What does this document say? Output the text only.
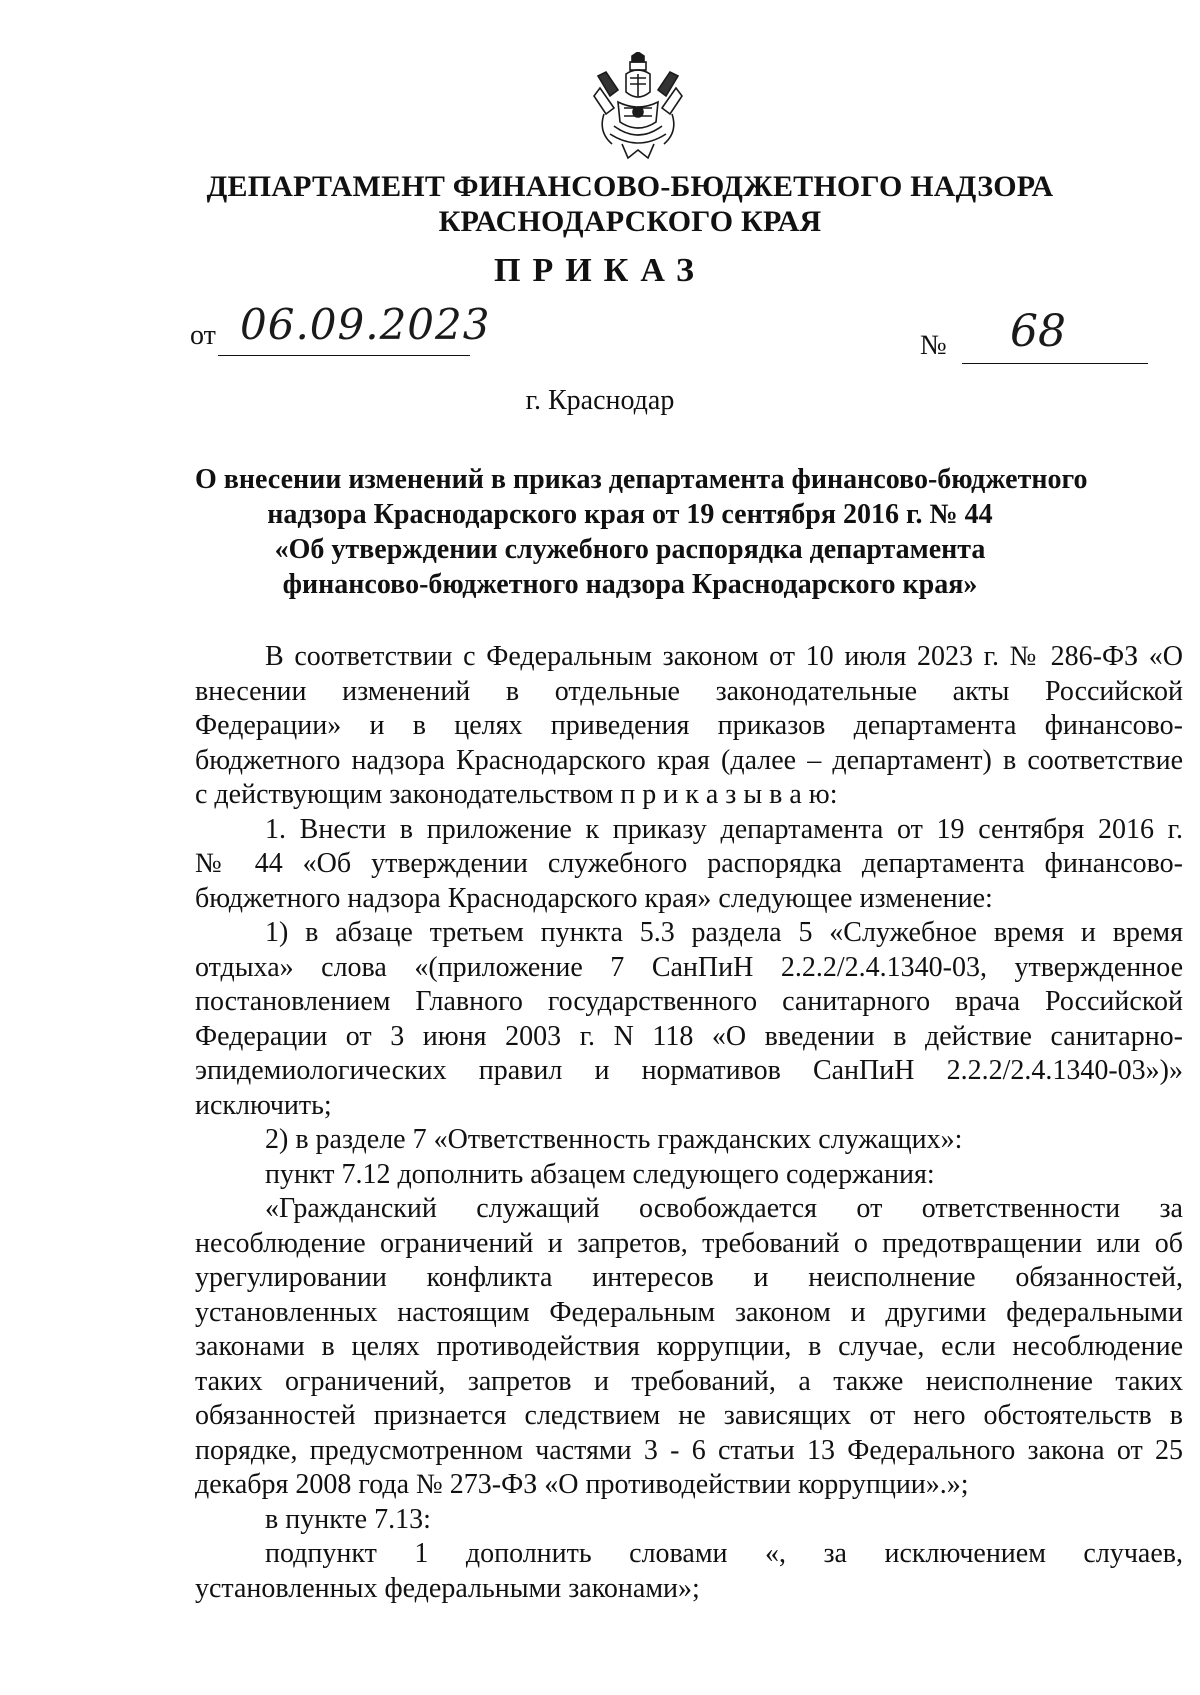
ДЕПАРТАМЕНТ ФИНАНСОВО-БЮДЖЕТНОГО НАДЗОРА
КРАСНОДАРСКОГО КРАЯ
ПРИКАЗ
от 06.09.2023	№ 68
г. Краснодар
О внесении изменений в приказ департамента финансово-бюджетного
надзора Краснодарского края от 19 сентября 2016 г. № 44
«Об утверждении служебного распорядка департамента
финансово-бюджетного надзора Краснодарского края»
В соответствии с Федеральным законом от 10 июля 2023 г. № 286-ФЗ «О
внесении изменений в отдельные законодательные акты Российской
Федерации» и в целях приведения приказов департамента финансово-
бюджетного надзора Краснодарского края (далее – департамент) в соответствие
с действующим законодательством п р и к а з ы в а ю:
1. Внести в приложение к приказу департамента от 19 сентября 2016 г.
№ 44 «Об утверждении служебного распорядка департамента финансово-
бюджетного надзора Краснодарского края» следующее изменение:
1) в абзаце третьем пункта 5.3 раздела 5 «Служебное время и время
отдыха» слова «(приложение 7 СанПиН 2.2.2/2.4.1340-03, утвержденное
постановлением Главного государственного санитарного врача Российской
Федерации от 3 июня 2003 г. N 118 «О введении в действие санитарно-
эпидемиологических правил и нормативов СанПиН 2.2.2/2.4.1340-03»)»
исключить;
2) в разделе 7 «Ответственность гражданских служащих»:
пункт 7.12 дополнить абзацем следующего содержания:
«Гражданский служащий освобождается от ответственности за
несоблюдение ограничений и запретов, требований о предотвращении или об
урегулировании конфликта интересов и неисполнение обязанностей,
установленных настоящим Федеральным законом и другими федеральными
законами в целях противодействия коррупции, в случае, если несоблюдение
таких ограничений, запретов и требований, а также неисполнение таких
обязанностей признается следствием не зависящих от него обстоятельств в
порядке, предусмотренном частями 3 - 6 статьи 13 Федерального закона от 25
декабря 2008 года № 273-ФЗ «О противодействии коррупции».»;
в пункте 7.13:
подпункт 1 дополнить словами «, за исключением случаев,
установленных федеральными законами»;
